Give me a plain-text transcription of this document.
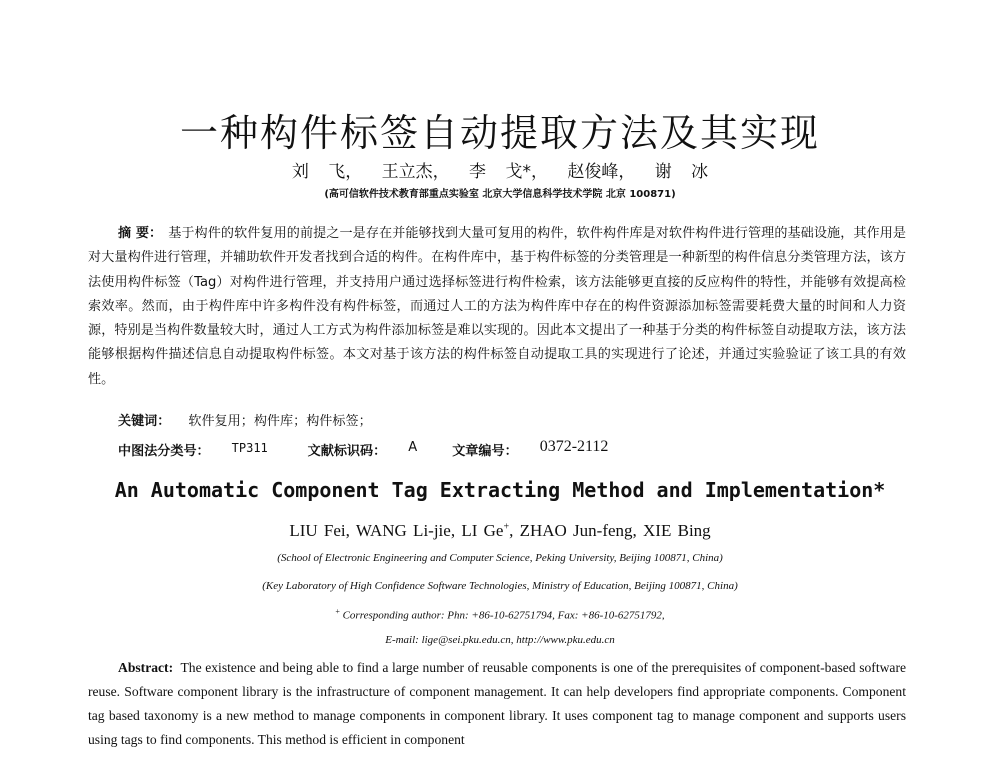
一种构件标签自动提取方法及其实现
刘 飞， 王立杰， 李 戈*， 赵俊峰， 谢 冰
(高可信软件技术教育部重点实验室 北京大学信息科学技术学院 北京 100871)

摘 要： 基于构件的软件复用的前提之一是存在并能够找到大量可复用的构件，软件构件库是对软件构件进行管理的基础设施，其作用是对大量构件进行管理，并辅助软件开发者找到合适的构件。在构件库中，基于构件标签的分类管理是一种新型的构件信息分类管理方法，该方法使用构件标签（Tag）对构件进行管理，并支持用户通过选择标签进行构件检索，该方法能够更直接的反应构件的特性，并能够有效提高检索效率。然而，由于构件库中许多构件没有构件标签，而通过人工的方法为构件库中存在的构件资源添加标签需要耗费大量的时间和人力资源，特别是当构件数量较大时，通过人工方式为构件添加标签是难以实现的。因此本文提出了一种基于分类的构件标签自动提取方法，该方法能够根据构件描述信息自动提取构件标签。本文对基于该方法的构件标签自动提取工具的实现进行了论述，并通过实验验证了该工具的有效性。

关键词： 软件复用；构件库；构件标签；
中图法分类号： TP311	文献标识码： A	文章编号： 0372-2112
An Automatic Component Tag Extracting Method and Implementation*
LIU Fei, WANG Li-jie, LI Ge+, ZHAO Jun-feng, XIE Bing
(School of Electronic Engineering and Computer Science, Peking University, Beijing 100871, China)
(Key Laboratory of High Confidence Software Technologies, Ministry of Education, Beijing 100871, China)
+ Corresponding author: Phn: +86-10-62751794, Fax: +86-10-62751792,
E-mail: lige@sei.pku.edu.cn, http://www.pku.edu.cn

Abstract: The existence and being able to find a large number of reusable components is one of the prerequisites of component-based software reuse. Software component library is the infrastructure of component management. It can help developers find appropriate components. Component tag based taxonomy is a new method to manage components in component library. It uses component tag to manage component and supports users using tags to find components. This method is efficient in component
